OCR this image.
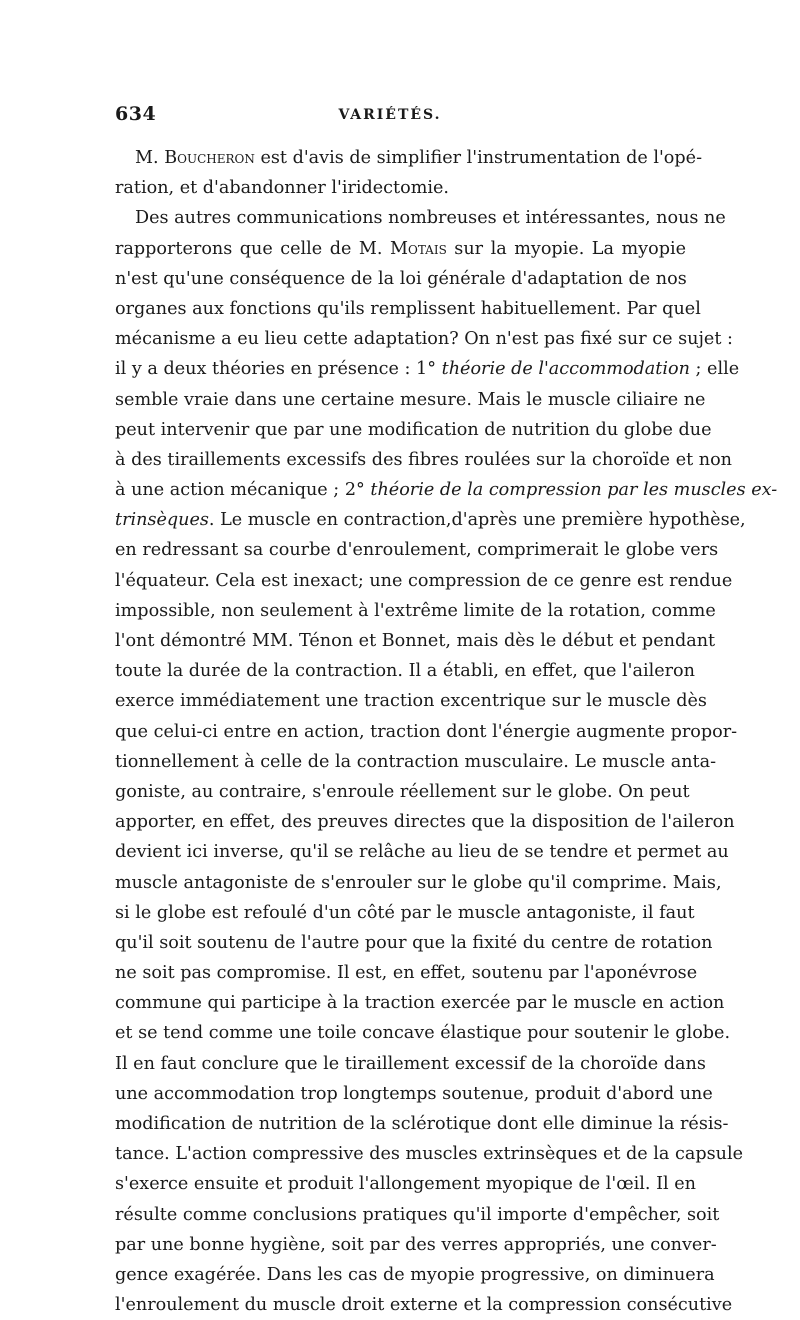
634	VARIÉTÉS.
M. Boucheron est d'avis de simplifier l'instrumentation de l'opé-
ration, et d'abandonner l'iridectomie.
Des autres communications nombreuses et intéressantes, nous ne
rapporterons que celle de M. Motais sur la myopie. La myopie
n'est qu'une conséquence de la loi générale d'adaptation de nos
organes aux fonctions qu'ils remplissent habituellement. Par quel
mécanisme a eu lieu cette adaptation? On n'est pas fixé sur ce sujet :
il y a deux théories en présence : 1° théorie de l'accommodation ; elle
semble vraie dans une certaine mesure. Mais le muscle ciliaire ne
peut intervenir que par une modification de nutrition du globe due
à des tiraillements excessifs des fibres roulées sur la choroïde et non
à une action mécanique ; 2° théorie de la compression par les muscles ex-
trinsèques. Le muscle en contraction,d'après une première hypothèse,
en redressant sa courbe d'enroulement, comprimerait le globe vers
l'équateur. Cela est inexact; une compression de ce genre est rendue
impossible, non seulement à l'extrême limite de la rotation, comme
l'ont démontré MM. Ténon et Bonnet, mais dès le début et pendant
toute la durée de la contraction. Il a établi, en effet, que l'aileron
exerce immédiatement une traction excentrique sur le muscle dès
que celui-ci entre en action, traction dont l'énergie augmente propor-
tionnellement à celle de la contraction musculaire. Le muscle anta-
goniste, au contraire, s'enroule réellement sur le globe. On peut
apporter, en effet, des preuves directes que la disposition de l'aileron
devient ici inverse, qu'il se relâche au lieu de se tendre et permet au
muscle antagoniste de s'enrouler sur le globe qu'il comprime. Mais,
si le globe est refoulé d'un côté par le muscle antagoniste, il faut
qu'il soit soutenu de l'autre pour que la fixité du centre de rotation
ne soit pas compromise. Il est, en effet, soutenu par l'aponévrose
commune qui participe à la traction exercée par le muscle en action
et se tend comme une toile concave élastique pour soutenir le globe.
Il en faut conclure que le tiraillement excessif de la choroïde dans
une accommodation trop longtemps soutenue, produit d'abord une
modification de nutrition de la sclérotique dont elle diminue la résis-
tance. L'action compressive des muscles extrinsèques et de la capsule
s'exerce ensuite et produit l'allongement myopique de l'œil. Il en
résulte comme conclusions pratiques qu'il importe d'empêcher, soit
par une bonne hygiène, soit par des verres appropriés, une conver-
gence exagérée. Dans les cas de myopie progressive, on diminuera
l'enroulement du muscle droit externe et la compression consécutive
